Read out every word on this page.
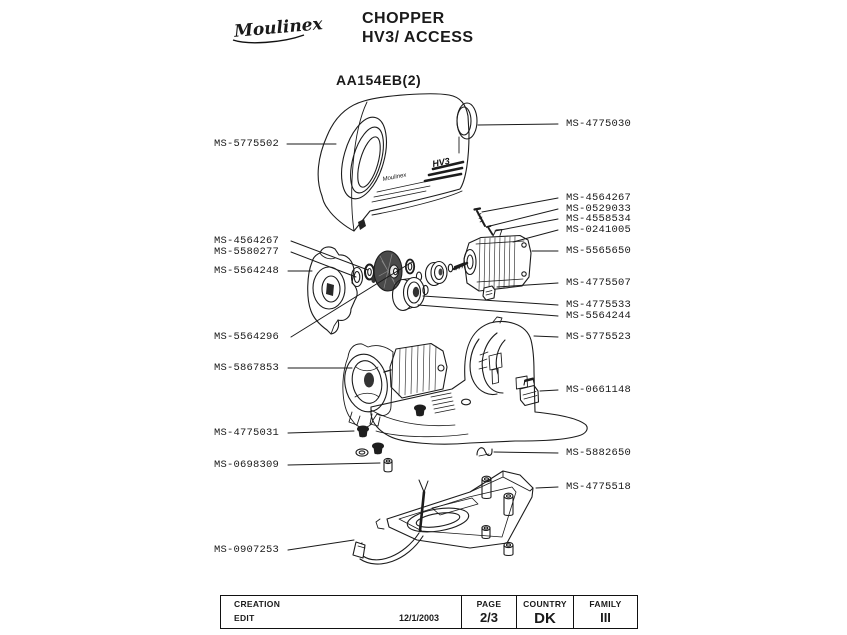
HV3
Moulinex
Moulinex CHOPPER
HV3/ ACCESS
AA154EB(2)
MS-5775502
MS-4564267
MS-5580277
MS-5564248
MS-5564296
MS-5867853
MS-4775031
MS-0698309
MS-0907253
MS-4775030
MS-4564267
MS-0529033
MS-4558534
MS-0241005
MS-5565650
MS-4775507
MS-4775533
MS-5564244
MS-5775523
MS-0661148
MS-5882650
MS-4775518
CREATION
EDIT	12/1/2003
PAGE
2/3
COUNTRY
DK
FAMILY
III
